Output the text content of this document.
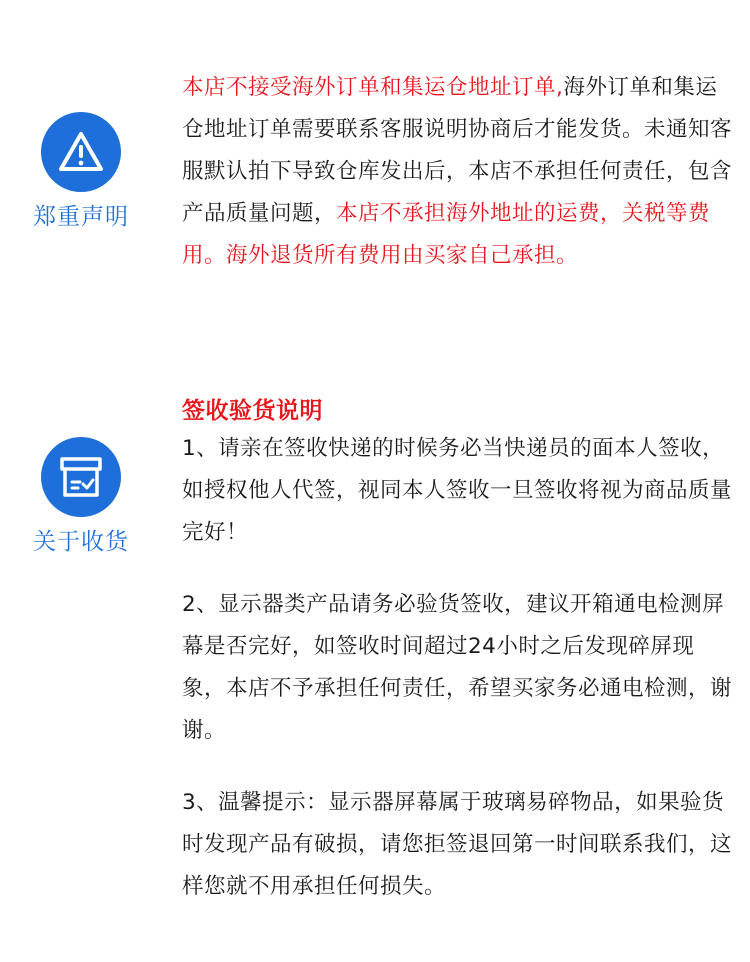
郑重声明

本店不接受海外订单和集运仓地址订单,海外订单和集运仓地址订单需要联系客服说明协商后才能发货。未通知客服默认拍下导致仓库发出后，本店不承担任何责任，包含产品质量问题，本店不承担海外地址的运费，关税等费用。海外退货所有费用由买家自己承担。

关于收货
签收验货说明

1、请亲在签收快递的时候务必当快递员的面本人签收，如授权他人代签，视同本人签收一旦签收将视为商品质量完好！

2、显示器类产品请务必验货签收，建议开箱通电检测屏幕是否完好，如签收时间超过24小时之后发现碎屏现象，本店不予承担任何责任，希望买家务必通电检测，谢谢。

3、温馨提示：显示器屏幕属于玻璃易碎物品，如果验货时发现产品有破损，请您拒签退回第一时间联系我们，这样您就不用承担任何损失。
